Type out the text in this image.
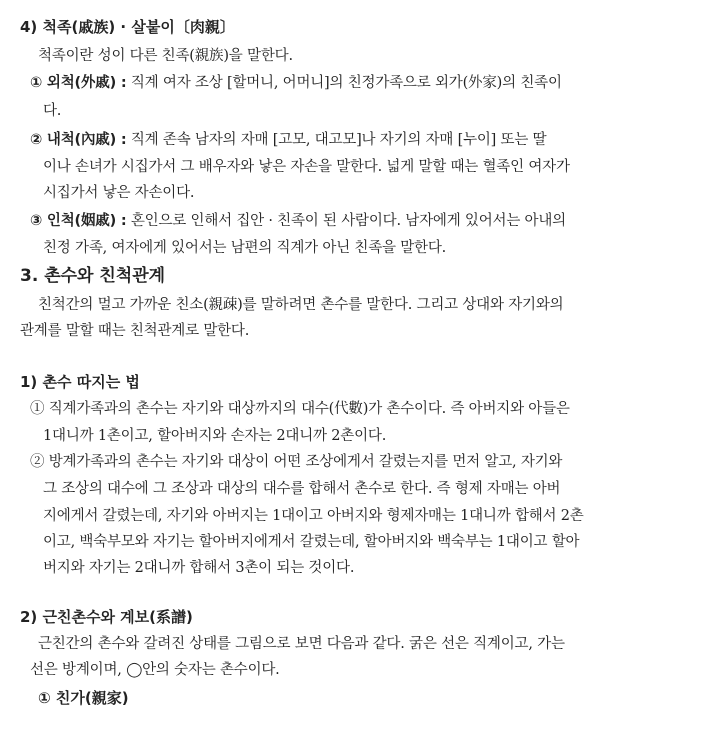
4) 척족(戚族) · 살붙이〔肉親〕
척족이란 성이 다른 친족(親族)을 말한다.
① 외척(外戚) : 직계 여자 조상 [할머니, 어머니]의 친정가족으로 외가(外家)의 친족이
다.
② 내척(內戚) : 직계 존속 남자의 자매 [고모, 대고모]나 자기의 자매 [누이] 또는 딸
이나 손녀가 시집가서 그 배우자와 낳은 자손을 말한다. 넓게 말할 때는 혈족인 여자가
시집가서 낳은 자손이다.
③ 인척(姻戚) : 혼인으로 인해서 집안 · 친족이 된 사람이다. 남자에게 있어서는 아내의
친정 가족, 여자에게 있어서는 남편의 직계가 아닌 친족을 말한다.
3. 촌수와 친척관계
친척간의 멀고 가까운 친소(親疎)를 말하려면 촌수를 말한다. 그리고 상대와 자기와의
관계를 말할 때는 친척관계로 말한다.
1) 촌수 따지는 법
① 직계가족과의 촌수는 자기와 대상까지의 대수(代數)가 촌수이다. 즉 아버지와 아들은
1대니까 1촌이고, 할아버지와 손자는 2대니까 2촌이다.
② 방계가족과의 촌수는 자기와 대상이 어떤 조상에게서 갈렸는지를 먼저 알고, 자기와
그 조상의 대수에 그 조상과 대상의 대수를 합해서 촌수로 한다. 즉 형제 자매는 아버
지에게서 갈렸는데, 자기와 아버지는 1대이고 아버지와 형제자매는 1대니까 합해서 2촌
이고, 백숙부모와 자기는 할아버지에게서 갈렸는데, 할아버지와 백숙부는 1대이고 할아
버지와 자기는 2대니까 합해서 3촌이 되는 것이다.
2) 근친촌수와 계보(系譜)
근친간의 촌수와 갈려진 상태를 그림으로 보면 다음과 같다. 굵은 선은 직계이고, 가는
선은 방계이며, ◯안의 숫자는 촌수이다.
① 친가(親家)
